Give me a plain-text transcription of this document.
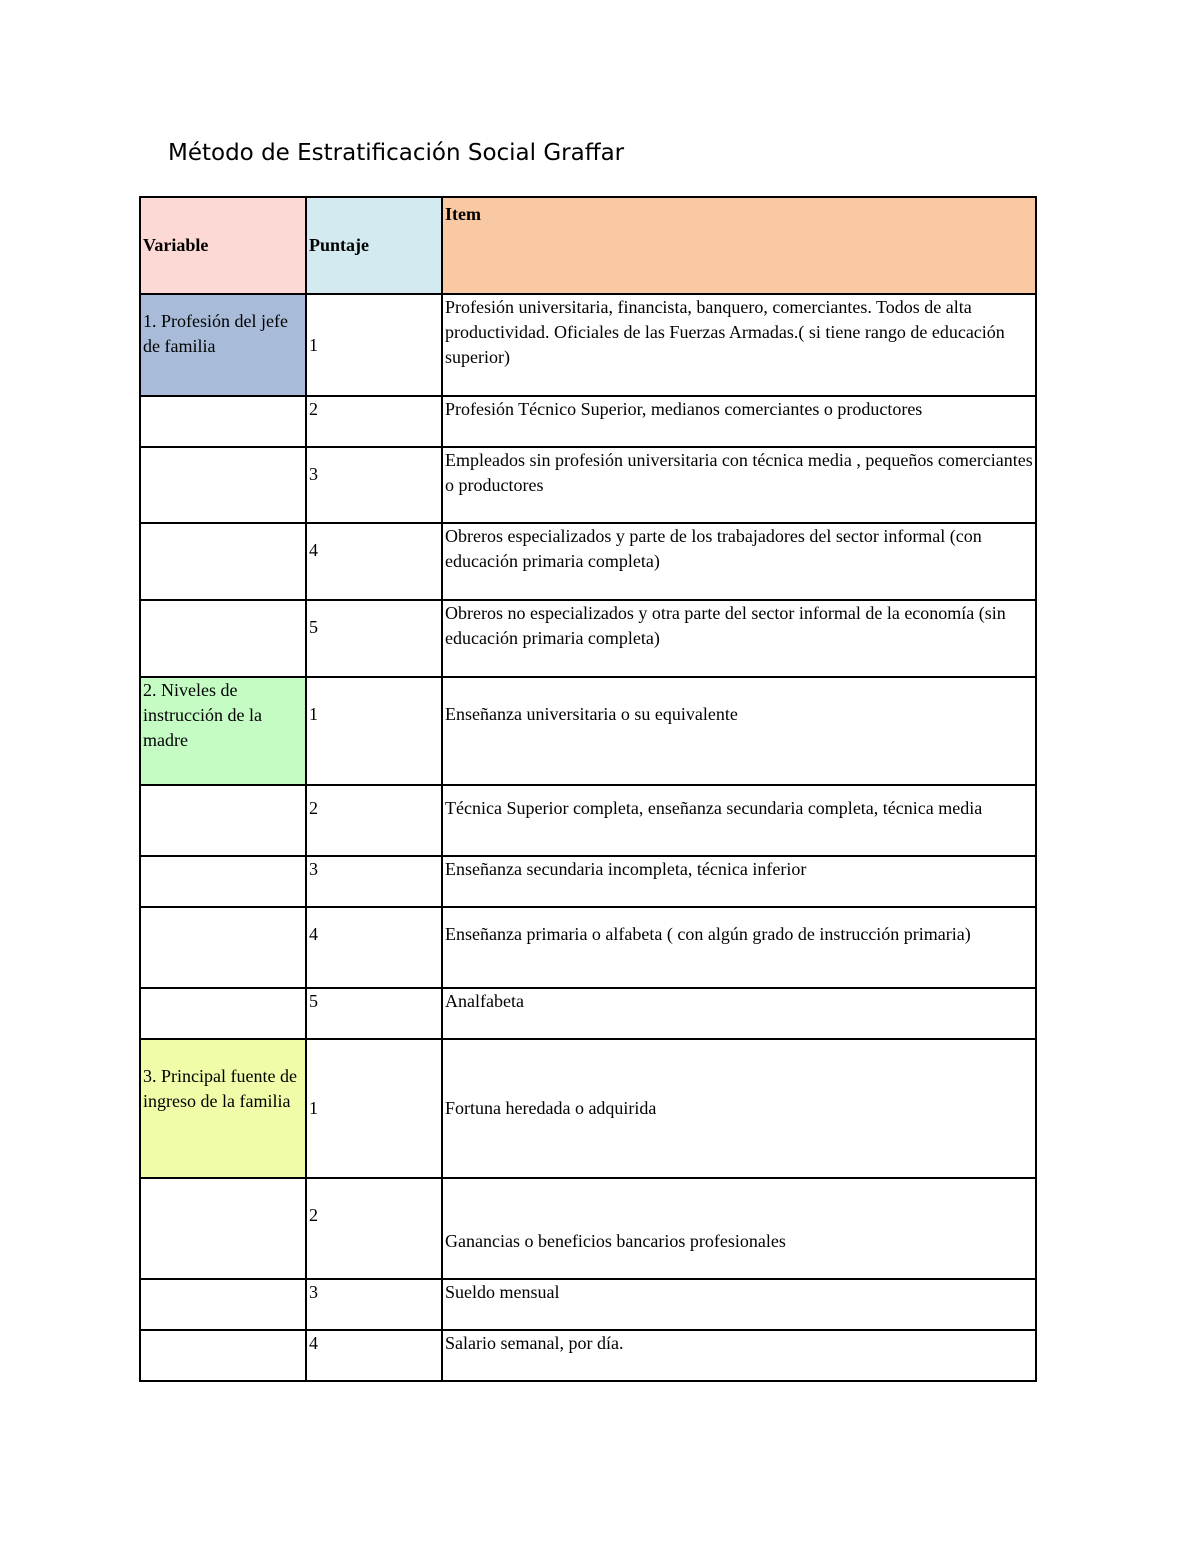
Método de Estratificación Social Graffar
Variable	Puntaje	Item
1. Profesión del jefe de familia	1	Profesión universitaria, financista, banquero, comerciantes. Todos de alta productividad. Oficiales de las Fuerzas Armadas.( si tiene rango de educación superior)
	2	Profesión Técnico Superior, medianos comerciantes o productores
	3	Empleados sin profesión universitaria con técnica media , pequeños comerciantes o productores
	4	Obreros especializados y parte de los trabajadores del sector informal (con educación primaria completa)
	5	Obreros no especializados y otra parte del sector informal de la economía (sin educación primaria completa)
2. Niveles de instrucción de la madre	1	Enseñanza universitaria o su equivalente
	2	Técnica Superior completa, enseñanza secundaria completa, técnica media
	3	Enseñanza secundaria incompleta, técnica inferior
	4	Enseñanza primaria o alfabeta ( con algún grado de instrucción primaria)
	5	Analfabeta
3. Principal fuente de ingreso de la familia	1	Fortuna heredada o adquirida
	2	Ganancias o beneficios bancarios profesionales
	3	Sueldo mensual
	4	Salario semanal, por día.
